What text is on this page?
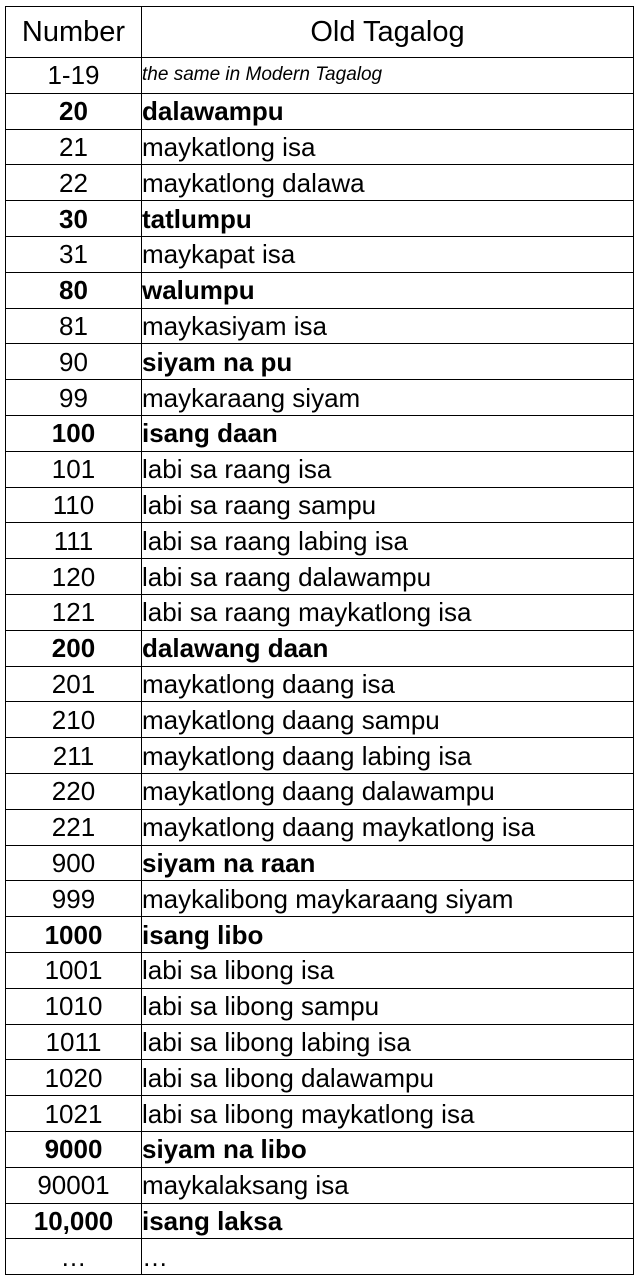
Number	Old Tagalog
1-19	the same in Modern Tagalog
20	dalawampu
21	maykatlong isa
22	maykatlong dalawa
30	tatlumpu
31	maykapat isa
80	walumpu
81	maykasiyam isa
90	siyam na pu
99	maykaraang siyam
100	isang daan
101	labi sa raang isa
110	labi sa raang sampu
111	labi sa raang labing isa
120	labi sa raang dalawampu
121	labi sa raang maykatlong isa
200	dalawang daan
201	maykatlong daang isa
210	maykatlong daang sampu
211	maykatlong daang labing isa
220	maykatlong daang dalawampu
221	maykatlong daang maykatlong isa
900	siyam na raan
999	maykalibong maykaraang siyam
1000	isang libo
1001	labi sa libong isa
1010	labi sa libong sampu
1011	labi sa libong labing isa
1020	labi sa libong dalawampu
1021	labi sa libong maykatlong isa
9000	siyam na libo
90001	maykalaksang isa
10,000	isang laksa
…	…
